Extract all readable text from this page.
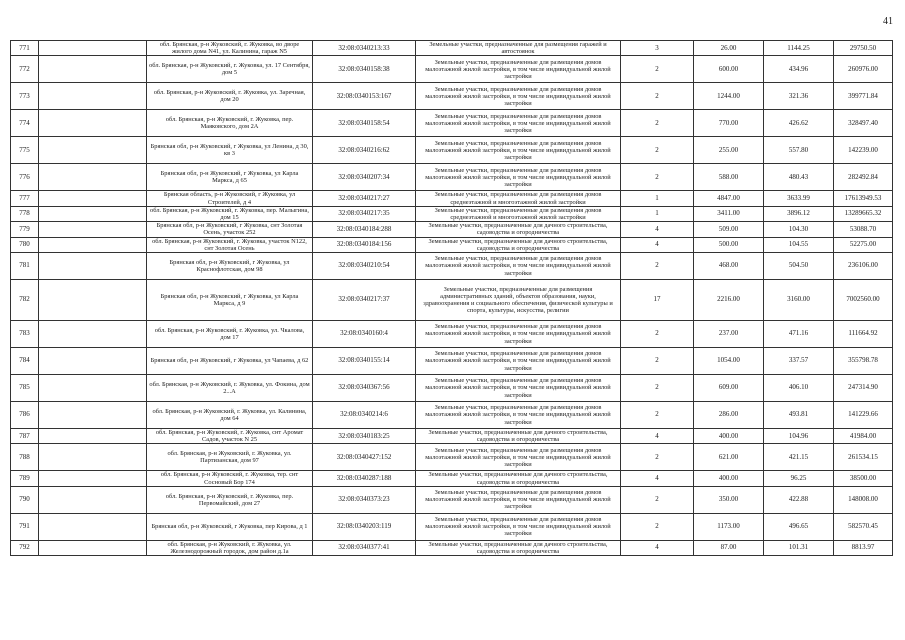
41
771		обл. Брянская, р-н Жуковский, г. Жуковка, во дворе жилого дома N41, ул. Калинина, гараж N5	32:08:0340213:33	Земельные участки, предназначенные для размещения гаражей и автостоянок	3	26.00	1144.25	29750.50
772		обл. Брянская, р-н Жуковский, г. Жуковка, ул. 17 Сентября, дом 5	32:08:0340158:38	Земельные участки, предназначенные для размещения домов малоэтажной жилой застройки, в том числе индивидуальной жилой застройки	2	600.00	434.96	260976.00
773		обл. Брянская, р-н Жуковский, г. Жуковка, ул. Заречная, дом 20	32:08:0340153:167	Земельные участки, предназначенные для размещения домов малоэтажной жилой застройки, в том числе индивидуальной жилой застройки	2	1244.00	321.36	399771.84
774		обл. Брянская, р-н Жуковский, г. Жуковка, пер. Маяковского, дом 2А	32:08:0340158:54	Земельные участки, предназначенные для размещения домов малоэтажной жилой застройки, в том числе индивидуальной жилой застройки	2	770.00	426.62	328497.40
775		Брянская обл, р-н Жуковский, г Жуковка, ул Ленина, д 30, кв 3	32:08:0340216:62	Земельные участки, предназначенные для размещения домов малоэтажной жилой застройки, в том числе индивидуальной жилой застройки	2	255.00	557.80	142239.00
776		Брянская обл, р-н Жуковский, г Жуковка, ул Карла Маркса, д 65	32:08:0340207:34	Земельные участки, предназначенные для размещения домов малоэтажной жилой застройки, в том числе индивидуальной жилой застройки	2	588.00	480.43	282492.84
777		Брянская область, р-н Жуковский, г Жуковка, ул Строителей, д 4	32:08:0340217:27	Земельные участки, предназначенные для размещения домов среднеэтажной и многоэтажной жилой застройки	1	4847.00	3633.99	17613949.53
778		обл. Брянская, р-н Жуковский, г. Жуковка, пер. Малыгина, дом 15	32:08:0340217:35	Земельные участки, предназначенные для размещения домов среднеэтажной и многоэтажной жилой застройки	1	3411.00	3896.12	13289665.32
779		Брянская обл, р-н Жуковский, г Жуковка, снт Золотая Осень, участок 252	32:08:0340184:288	Земельные участки, предназначенные для дачного строительства, садоводства и огородничества	4	509.00	104.30	53088.70
780		обл. Брянская, р-н Жуковский, г. Жуковка, участок N122, снт Золотая Осень	32:08:0340184:156	Земельные участки, предназначенные для дачного строительства, садоводства и огородничества	4	500.00	104.55	52275.00
781		Брянская обл, р-н Жуковский, г Жуковка, ул Краснофлотская, дом 98	32:08:0340210:54	Земельные участки, предназначенные для размещения домов малоэтажной жилой застройки, в том числе индивидуальной жилой застройки	2	468.00	504.50	236106.00
782		Брянская обл, р-н Жуковский, г Жуковка, ул Карла Маркса, д 9	32:08:0340217:37	Земельные участки, предназначенные для размещения административных зданий, объектов образования, науки, здравоохранения и социального обеспечения, физической культуры и спорта, культуры, искусства, религии	17	2216.00	3160.00	7002560.00
783		обл. Брянская, р-н Жуковский, г. Жуковка, ул. Чкалова, дом 17	32:08:0340160:4	Земельные участки, предназначенные для размещения домов малоэтажной жилой застройки, в том числе индивидуальной жилой застройки	2	237.00	471.16	111664.92
784		Брянская обл, р-н Жуковский, г Жуковка, ул Чапаева, д 62	32:08:0340155:14	Земельные участки, предназначенные для размещения домов малоэтажной жилой застройки, в том числе индивидуальной жилой застройки	2	1054.00	337.57	355798.78
785		обл. Брянская, р-н Жуковский, г. Жуковка, ул. Фокина, дом 2...А	32:08:0340367:56	Земельные участки, предназначенные для размещения домов малоэтажной жилой застройки, в том числе индивидуальной жилой застройки	2	609.00	406.10	247314.90
786		обл. Брянская, р-н Жуковский, г. Жуковка, ул. Калинина, дом 64	32:08:0340214:6	Земельные участки, предназначенные для размещения домов малоэтажной жилой застройки, в том числе индивидуальной жилой застройки	2	286.00	493.81	141229.66
787		обл. Брянская, р-н Жуковский, г. Жуковка, снт Аромат Садов, участок N 25	32:08:0340183:25	Земельные участки, предназначенные для дачного строительства, садоводства и огородничества	4	400.00	104.96	41984.00
788		обл. Брянская, р-н Жуковский, г. Жуковка, ул. Партизанская, дом 97	32:08:0340427:152	Земельные участки, предназначенные для размещения домов малоэтажной жилой застройки, в том числе индивидуальной жилой застройки	2	621.00	421.15	261534.15
789		обл. Брянская, р-н Жуковский, г. Жуковка, тер. снт Сосновый Бор 174	32:08:0340287:188	Земельные участки, предназначенные для дачного строительства, садоводства и огородничества	4	400.00	96.25	38500.00
790		обл. Брянская, р-н Жуковский, г. Жуковка, пер. Первомайский, дом 27	32:08:0340373:23	Земельные участки, предназначенные для размещения домов малоэтажной жилой застройки, в том числе индивидуальной жилой застройки	2	350.00	422.88	148008.00
791		Брянская обл, р-н Жуковский, г Жуковка, пер Кирова, д 1	32:08:0340203:119	Земельные участки, предназначенные для размещения домов малоэтажной жилой застройки, в том числе индивидуальной жилой застройки	2	1173.00	496.65	582570.45
792		обл. Брянская, р-н Жуковский, г. Жуковка, ул. Железнодорожный городок, дом район д.1а	32:08:0340377:41	Земельные участки, предназначенные для дачного строительства, садоводства и огородничества	4	87.00	101.31	8813.97
